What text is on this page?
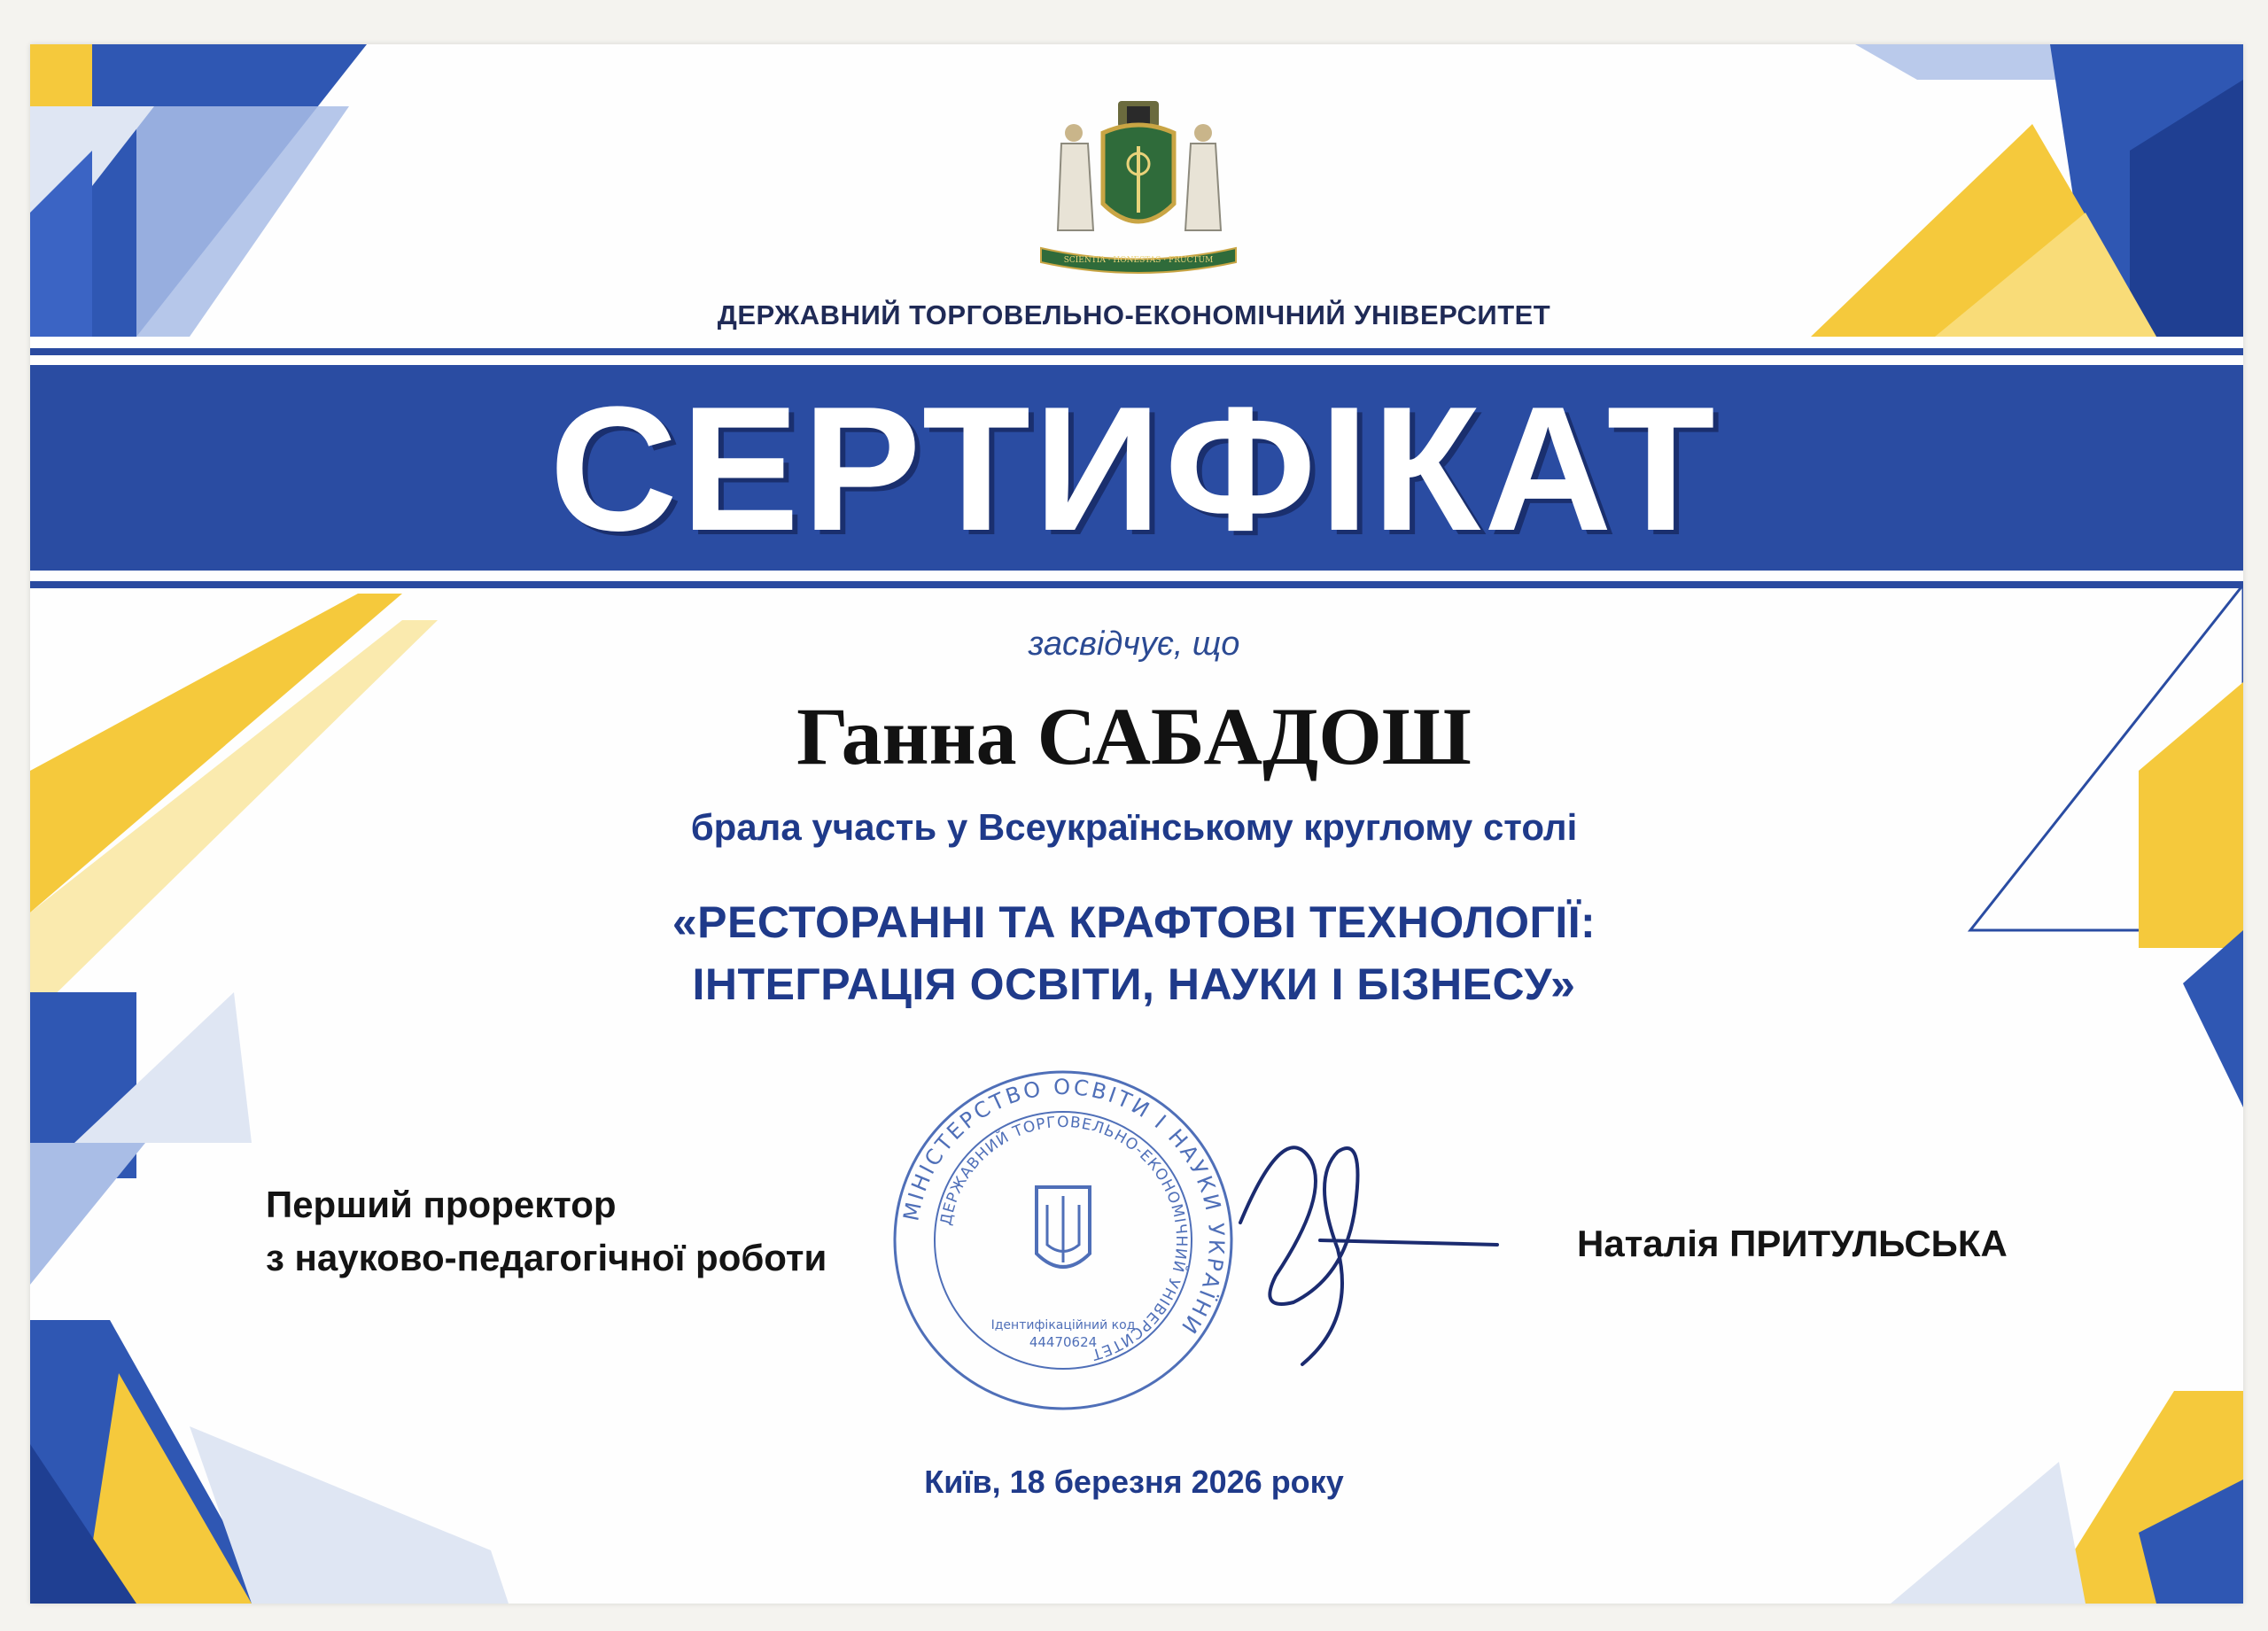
SCIENTIA · HONESTAS · FRUCTUM
ДЕРЖАВНИЙ ТОРГОВЕЛЬНО-ЕКОНОМІЧНИЙ УНІВЕРСИТЕТ
СЕРТИФІКАТ
засвідчує, що
Ганна САБАДОШ
брала участь у Всеукраїнському круглому столі
«РЕСТОРАННІ ТА КРАФТОВІ ТЕХНОЛОГІЇ:
ІНТЕГРАЦІЯ ОСВІТИ, НАУКИ І БІЗНЕСУ»
Перший проректор
з науково-педагогічної роботи
МІНІСТЕРСТВО ОСВІТИ І НАУКИ УКРАЇНИ
ДЕРЖАВНИЙ ТОРГОВЕЛЬНО-ЕКОНОМІЧНИЙ УНІВЕРСИТЕТ
Ідентифікаційний код
44470624
Наталія ПРИТУЛЬСЬКА
Київ, 18 березня 2026 року
